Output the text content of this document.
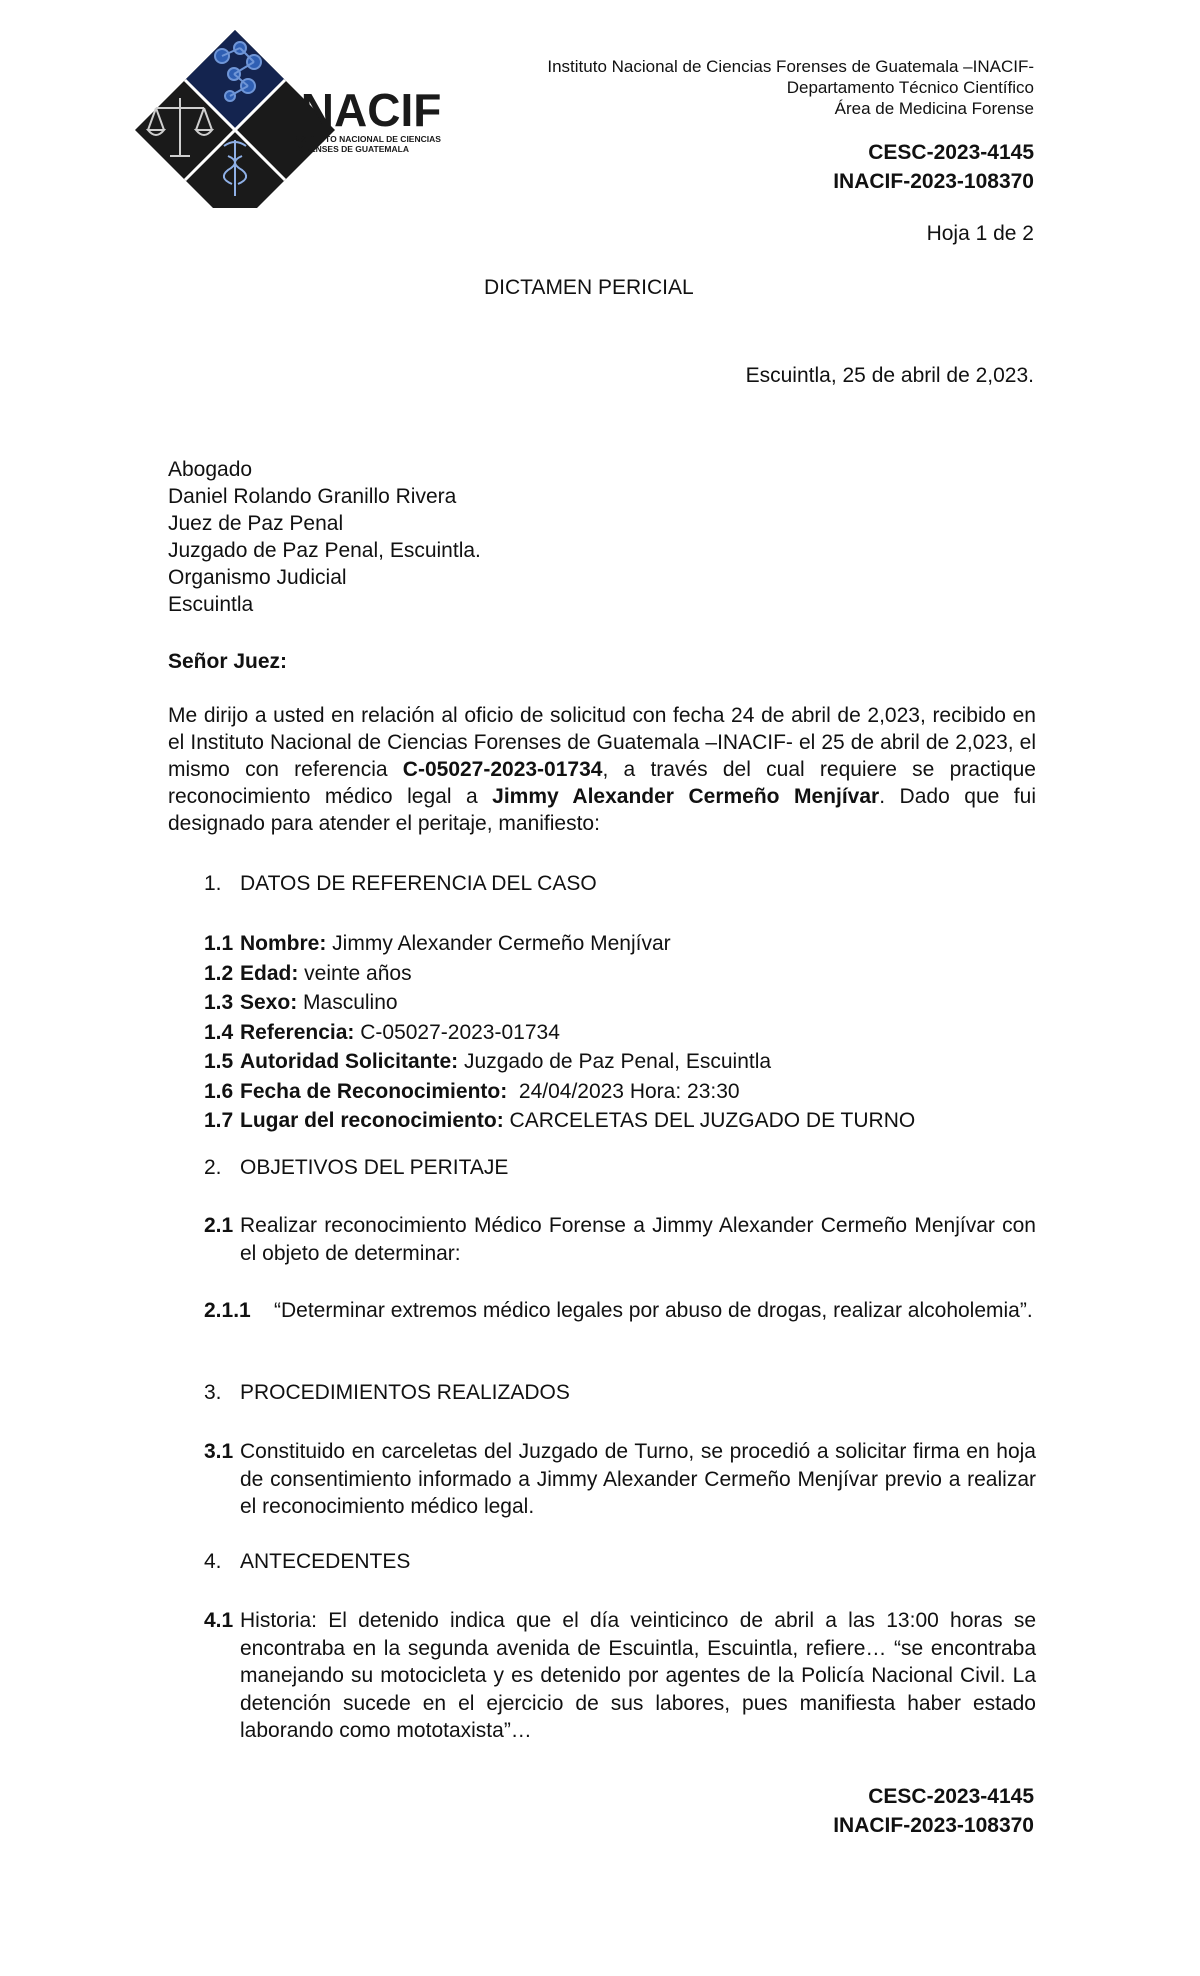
INACIF
INSTITUTO NACIONAL DE CIENCIAS
FORENSES DE GUATEMALA
Instituto Nacional de Ciencias Forenses de Guatemala –INACIF-
Departamento Técnico Científico
Área de Medicina Forense
CESC-2023-4145
INACIF-2023-108370
Hoja 1 de 2
DICTAMEN PERICIAL
Escuintla, 25 de abril de 2,023.
Abogado
Daniel Rolando Granillo Rivera
Juez de Paz Penal
Juzgado de Paz Penal, Escuintla.
Organismo Judicial
Escuintla
Señor Juez:
Me dirijo a usted en relación al oficio de solicitud con fecha 24 de abril de 2,023, recibido en el Instituto Nacional de Ciencias Forenses de Guatemala –INACIF- el 25 de abril de 2,023, el mismo con referencia C-05027-2023-01734, a través del cual requiere se practique reconocimiento médico legal a Jimmy Alexander Cermeño Menjívar. Dado que fui designado para atender el peritaje, manifiesto:
1. DATOS DE REFERENCIA DEL CASO
1.1 Nombre: Jimmy Alexander Cermeño Menjívar
1.2 Edad: veinte años
1.3 Sexo: Masculino
1.4 Referencia: C-05027-2023-01734
1.5 Autoridad Solicitante: Juzgado de Paz Penal, Escuintla
1.6 Fecha de Reconocimiento:  24/04/2023 Hora: 23:30
1.7 Lugar del reconocimiento: CARCELETAS DEL JUZGADO DE TURNO
2. OBJETIVOS DEL PERITAJE
2.1 Realizar reconocimiento Médico Forense a Jimmy Alexander Cermeño Menjívar con el objeto de determinar:
2.1.1	“Determinar extremos médico legales por abuso de drogas, realizar alcoholemia”.
3. PROCEDIMIENTOS REALIZADOS
3.1 Constituido en carceletas del Juzgado de Turno, se procedió a solicitar firma en hoja de consentimiento informado a Jimmy Alexander Cermeño Menjívar previo a realizar el reconocimiento médico legal.
4. ANTECEDENTES
4.1 Historia: El detenido indica que el día veinticinco de abril a las 13:00 horas se encontraba en la segunda avenida de Escuintla, Escuintla, refiere… “se encontraba manejando su motocicleta y es detenido por agentes de la Policía Nacional Civil. La detención sucede en el ejercicio de sus labores, pues manifiesta haber estado laborando como mototaxista”…
CESC-2023-4145
INACIF-2023-108370
